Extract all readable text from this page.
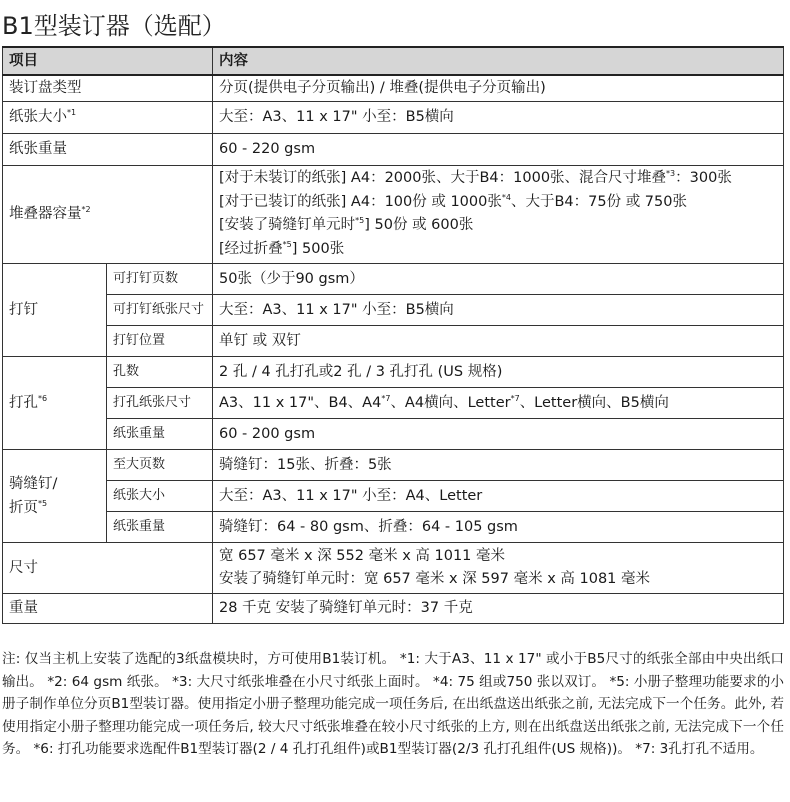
B1型装订器（选配）
项目		内容
装订盘类型		分页(提供电子分页输出) / 堆叠(提供电子分页输出)
纸张大小$^{*1}$		大至：A3、11 x 17" 小至：B5横向
纸张重量		60 - 220 gsm
堆叠器容量$^{*2}$		[对于未装订的纸张] A4：2000张、大于B4：1000张、混合尺寸堆叠$^{*3}$：300张
[对于已装订的纸张] A4：100份 或 1000张$^{*4}$、大于B4：75份 或 750张
[安装了骑缝钉单元时$^{*5}$] 50份 或 600张
[经过折叠$^{*5}$] 500张

打钉	可打钉页数	50张（少于90 gsm）
	可打钉纸张尺寸	大至：A3、11 x 17" 小至：B5横向
	打钉位置	单钉 或 双钉
打孔$^{*6}$	孔数	2 孔 / 4 孔打孔或2 孔 / 3 孔打孔 (US 规格)
	打孔纸张尺寸	A3、11 x 17"、B4、A4$^{*7}$、A4横向、Letter$^{*7}$、Letter横向、B5横向
	纸张重量	60 - 200 gsm

骑缝钉/
折页$^{*5}$	至大页数	骑缝钉：15张、折叠：5张
	纸张大小	大至：A3、11 x 17" 小至：A4、Letter
	纸张重量	骑缝钉：64 - 80 gsm、折叠：64 - 105 gsm
尺寸		宽 657 毫米 x 深 552 毫米 x 高 1011 毫米
安装了骑缝钉单元时：宽 657 毫米 x 深 597 毫米 x 高 1081 毫米

重量		28 千克 安装了骑缝钉单元时：37 千克
注: 仅当主机上安装了选配的3纸盘模块时，方可使用B1装订机。 *1: 大于A3、11 x 17" 或小于B5尺寸的纸张全部由中央出纸口输出。 *2: 64 gsm 纸张。 *3: 大尺寸纸张堆叠在小尺寸纸张上面时。 *4: 75 组或750 张以双订。 *5: 小册子整理功能要求的小册子制作单位分页B1型装订器。使用指定小册子整理功能完成一项任务后, 在出纸盘送出纸张之前, 无法完成下一个任务。此外, 若使用指定小册子整理功能完成一项任务后, 较大尺寸纸张堆叠在较小尺寸纸张的上方, 则在出纸盘送出纸张之前, 无法完成下一个任务。 *6: 打孔功能要求选配件B1型装订器(2 / 4 孔打孔组件)或B1型装订器(2/3 孔打孔组件(US 规格))。 *7: 3孔打孔不适用。
